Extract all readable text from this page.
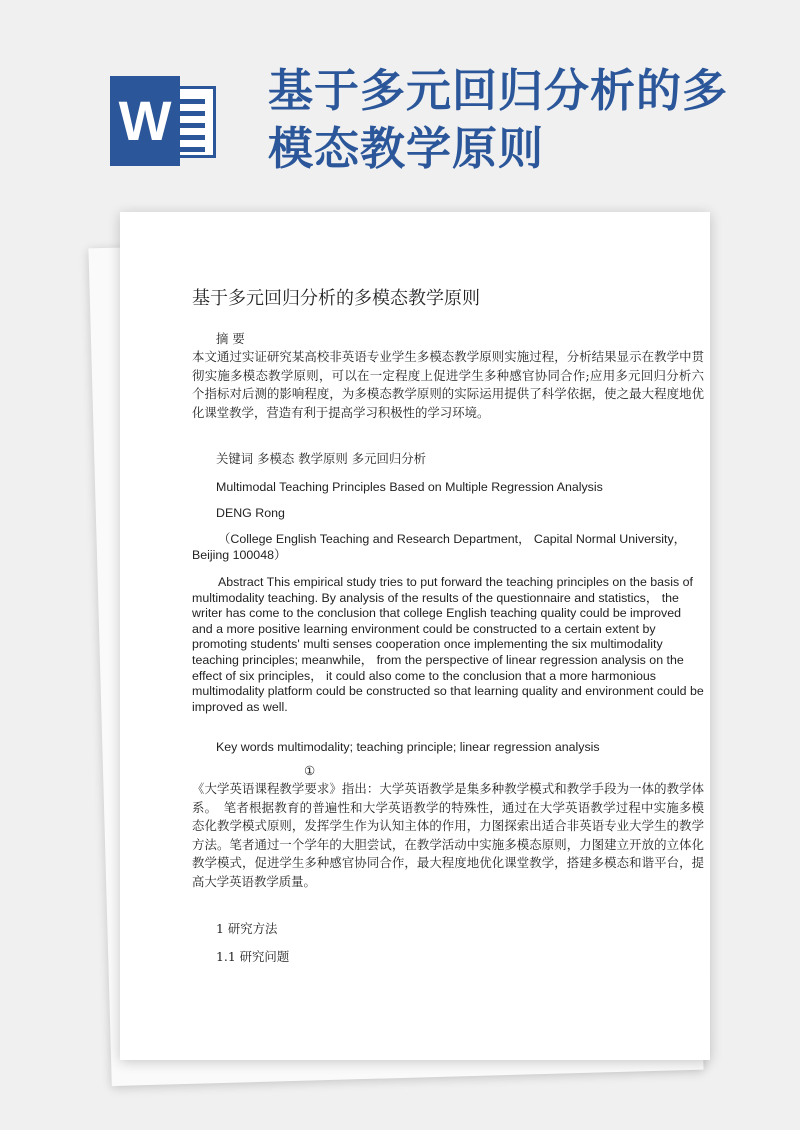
W 基于多元回归分析的多
模态教学原则
基于多元回归分析的多模态教学原则

摘 要

本文通过实证研究某高校非英语专业学生多模态教学原则实施过程，分析结果显示在教学中贯彻实施多模态教学原则，可以在一定程度上促进学生多种感官协同合作;应用多元回归分析六个指标对后测的影响程度，为多模态教学原则的实际运用提供了科学依据，使之最大程度地优化课堂教学，营造有利于提高学习积极性的学习环境。

关键词 多模态 教学原则 多元回归分析

Multimodal Teaching Principles Based on Multiple Regression Analysis

DENG Rong

（College English Teaching and Research Department， Capital Normal University， Beijing 100048）

Abstract This empirical study tries to put forward the teaching principles on the basis of multimodality teaching. By analysis of the results of the questionnaire and statistics， the writer has come to the conclusion that college English teaching quality could be improved and a more positive learning environment could be constructed to a certain extent by promoting students' multi senses cooperation once implementing the six multimodality teaching principles; meanwhile， from the perspective of linear regression analysis on the effect of six principles， it could also come to the conclusion that a more harmonious multimodality platform could be constructed so that learning quality and environment could be improved as well.

Key words multimodality; teaching principle; linear regression analysis

①

《大学英语课程教学要求》指出：大学英语教学是集多种教学模式和教学手段为一体的教学体系。　笔者根据教育的普遍性和大学英语教学的特殊性，通过在大学英语教学过程中实施多模态化教学模式原则，发挥学生作为认知主体的作用，力图探索出适合非英语专业大学生的教学方法。笔者通过一个学年的大胆尝试，在教学活动中实施多模态原则，力图建立开放的立体化教学模式，促进学生多种感官协同合作，最大程度地优化课堂教学，搭建多模态和谐平台，提高大学英语教学质量。

1 研究方法

1.1 研究问题
